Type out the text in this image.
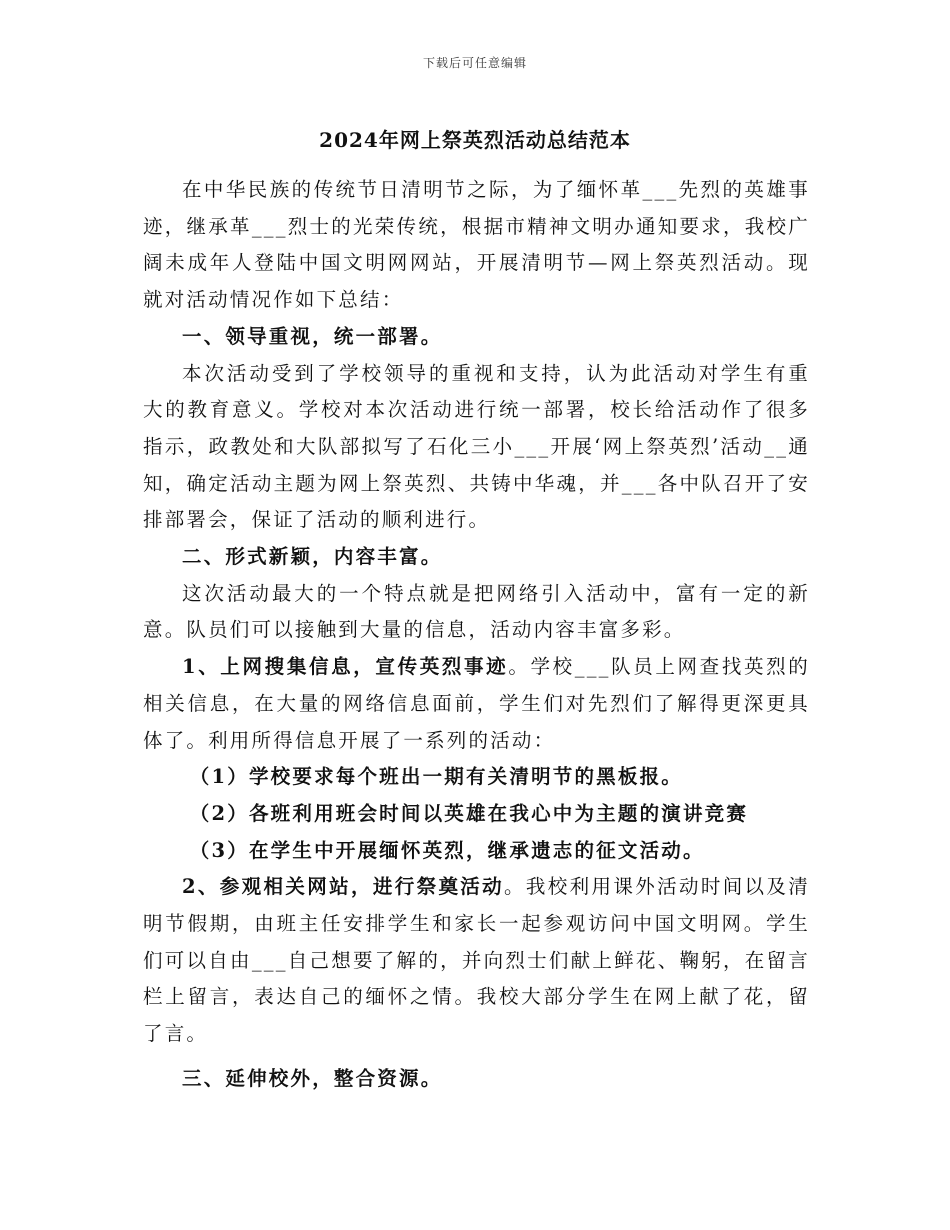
下载后可任意编辑
2024年网上祭英烈活动总结范本

在中华民族的传统节日清明节之际，为了缅怀革___先烈的英雄事迹，继承革___烈士的光荣传统，根据市精神文明办通知要求，我校广阔未成年人登陆中国文明网网站，开展清明节—网上祭英烈活动。现就对活动情况作如下总结：

一、领导重视，统一部署。

本次活动受到了学校领导的重视和支持，认为此活动对学生有重大的教育意义。学校对本次活动进行统一部署，校长给活动作了很多指示，政教处和大队部拟写了石化三小___开展‘网上祭英烈’活动__通知，确定活动主题为网上祭英烈、共铸中华魂，并___各中队召开了安排部署会，保证了活动的顺利进行。

二、形式新颖，内容丰富。

这次活动最大的一个特点就是把网络引入活动中，富有一定的新意。队员们可以接触到大量的信息，活动内容丰富多彩。

1、上网搜集信息，宣传英烈事迹。学校___队员上网查找英烈的相关信息，在大量的网络信息面前，学生们对先烈们了解得更深更具体了。利用所得信息开展了一系列的活动：

（1）学校要求每个班出一期有关清明节的黑板报。

（2）各班利用班会时间以英雄在我心中为主题的演讲竞赛

（3）在学生中开展缅怀英烈，继承遗志的征文活动。

2、参观相关网站，进行祭奠活动。我校利用课外活动时间以及清明节假期，由班主任安排学生和家长一起参观访问中国文明网。学生们可以自由___自己想要了解的，并向烈士们献上鲜花、鞠躬，在留言栏上留言，表达自己的缅怀之情。我校大部分学生在网上献了花，留了言。

三、延伸校外，整合资源。
